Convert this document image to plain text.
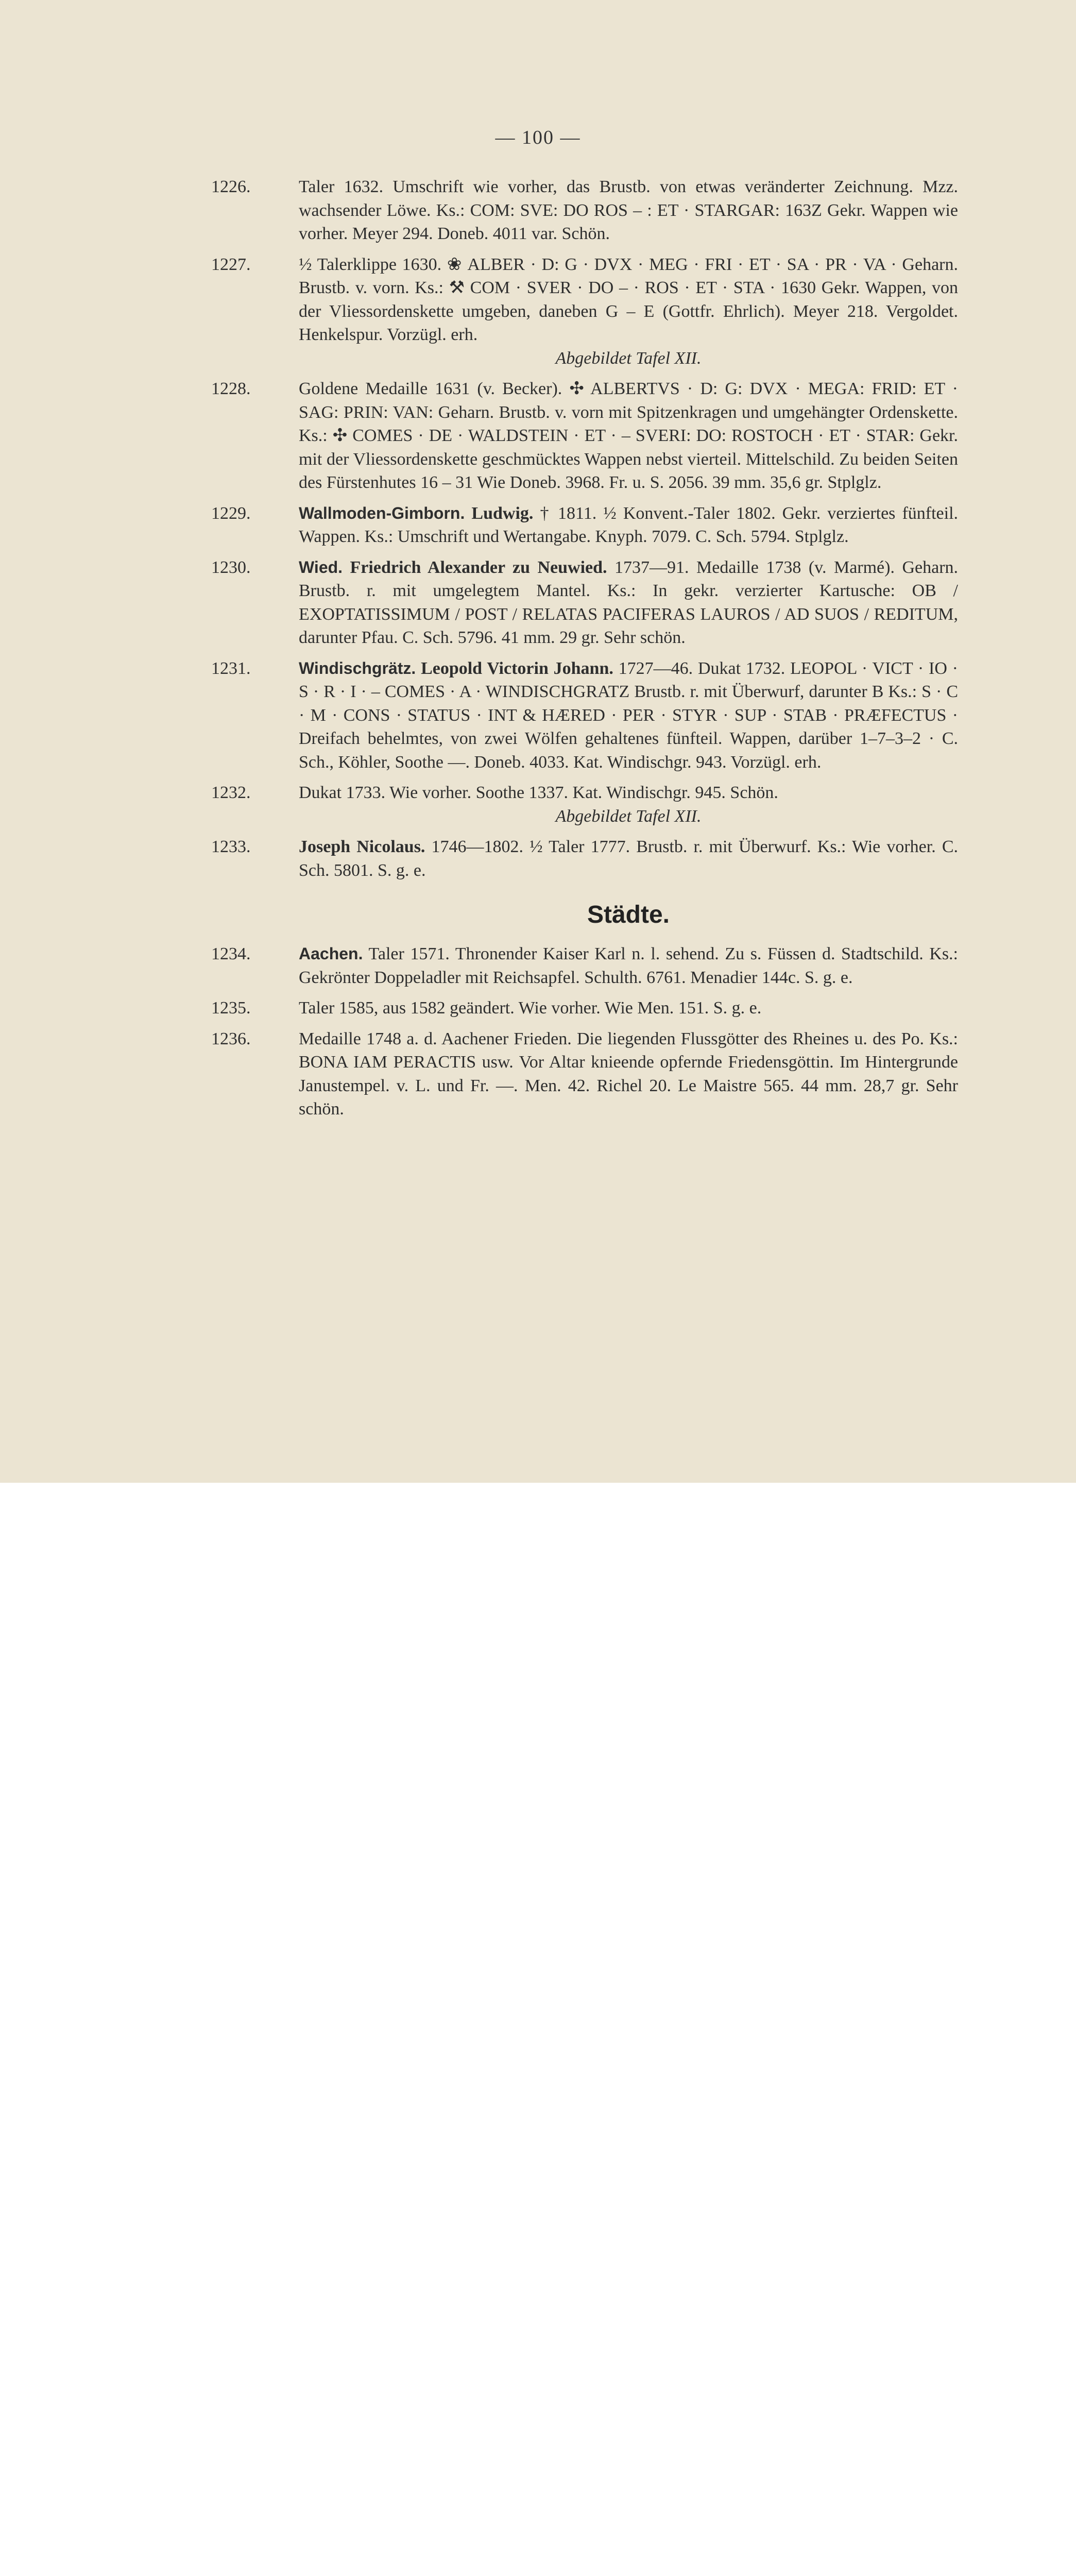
— 100 —
1226.	Taler 1632. Umschrift wie vorher, das Brustb. von etwas veränderter Zeichnung. Mzz. wachsender Löwe. Ks.: COM: SVE: DO ROS – : ET · STARGAR: 163Z Gekr. Wappen wie vorher. Meyer 294. Doneb. 4011 var. Schön.
1227.	½ Talerklippe 1630. ❀ ALBER · D: G · DVX · MEG · FRI · ET · SA · PR · VA · Geharn. Brustb. v. vorn. Ks.: ⚒ COM · SVER · DO – · ROS · ET · STA · 1630 Gekr. Wappen, von der Vliessordenskette umgeben, daneben G – E (Gottfr. Ehrlich). Meyer 218. Vergoldet. Henkelspur. Vorzügl. erh.
Abgebildet Tafel XII.
1228.	Goldene Medaille 1631 (v. Becker). ✣ ALBERTVS · D: G: DVX · MEGA: FRID: ET · SAG: PRIN: VAN: Geharn. Brustb. v. vorn mit Spitzenkragen und umgehängter Ordenskette. Ks.: ✣ COMES · DE · WALDSTEIN · ET · – SVERI: DO: ROSTOCH · ET · STAR: Gekr. mit der Vliessordenskette geschmücktes Wappen nebst vierteil. Mittelschild. Zu beiden Seiten des Fürstenhutes 16 – 31 Wie Doneb. 3968. Fr. u. S. 2056. 39 mm. 35,6 gr. Stplglz.
1229.	Wallmoden-Gimborn. Ludwig. † 1811. ½ Konvent.-Taler 1802. Gekr. verziertes fünfteil. Wappen. Ks.: Umschrift und Wertangabe. Knyph. 7079. C. Sch. 5794. Stplglz.
1230.	Wied. Friedrich Alexander zu Neuwied. 1737—91. Medaille 1738 (v. Marmé). Geharn. Brustb. r. mit umgelegtem Mantel. Ks.: In gekr. verzierter Kartusche: OB / EXOPTATISSIMUM / POST / RELATAS PACIFERAS LAUROS / AD SUOS / REDITUM, darunter Pfau. C. Sch. 5796. 41 mm. 29 gr. Sehr schön.
1231.	Windischgrätz. Leopold Victorin Johann. 1727—46. Dukat 1732. LEOPOL · VICT · IO · S · R · I · – COMES · A · WINDISCHGRATZ Brustb. r. mit Überwurf, darunter B Ks.: S · C · M · CONS · STATUS · INT & HÆRED · PER · STYR · SUP · STAB · PRÆFECTUS · Dreifach behelmtes, von zwei Wölfen gehaltenes fünfteil. Wappen, darüber 1–7–3–2 · C. Sch., Köhler, Soothe —. Doneb. 4033. Kat. Windischgr. 943. Vorzügl. erh.
1232.	Dukat 1733. Wie vorher. Soothe 1337. Kat. Windischgr. 945. Schön.
Abgebildet Tafel XII.
1233.	Joseph Nicolaus. 1746—1802. ½ Taler 1777. Brustb. r. mit Überwurf. Ks.: Wie vorher. C. Sch. 5801. S. g. e.
Städte.
1234.	Aachen. Taler 1571. Thronender Kaiser Karl n. l. sehend. Zu s. Füssen d. Stadtschild. Ks.: Gekrönter Doppeladler mit Reichsapfel. Schulth. 6761. Menadier 144c. S. g. e.
1235.	Taler 1585, aus 1582 geändert. Wie vorher. Wie Men. 151. S. g. e.
1236.	Medaille 1748 a. d. Aachener Frieden. Die liegenden Flussgötter des Rheines u. des Po. Ks.: BONA IAM PERACTIS usw. Vor Altar knieende opfernde Friedensgöttin. Im Hintergrunde Janustempel. v. L. und Fr. —. Men. 42. Richel 20. Le Maistre 565. 44 mm. 28,7 gr. Sehr schön.
